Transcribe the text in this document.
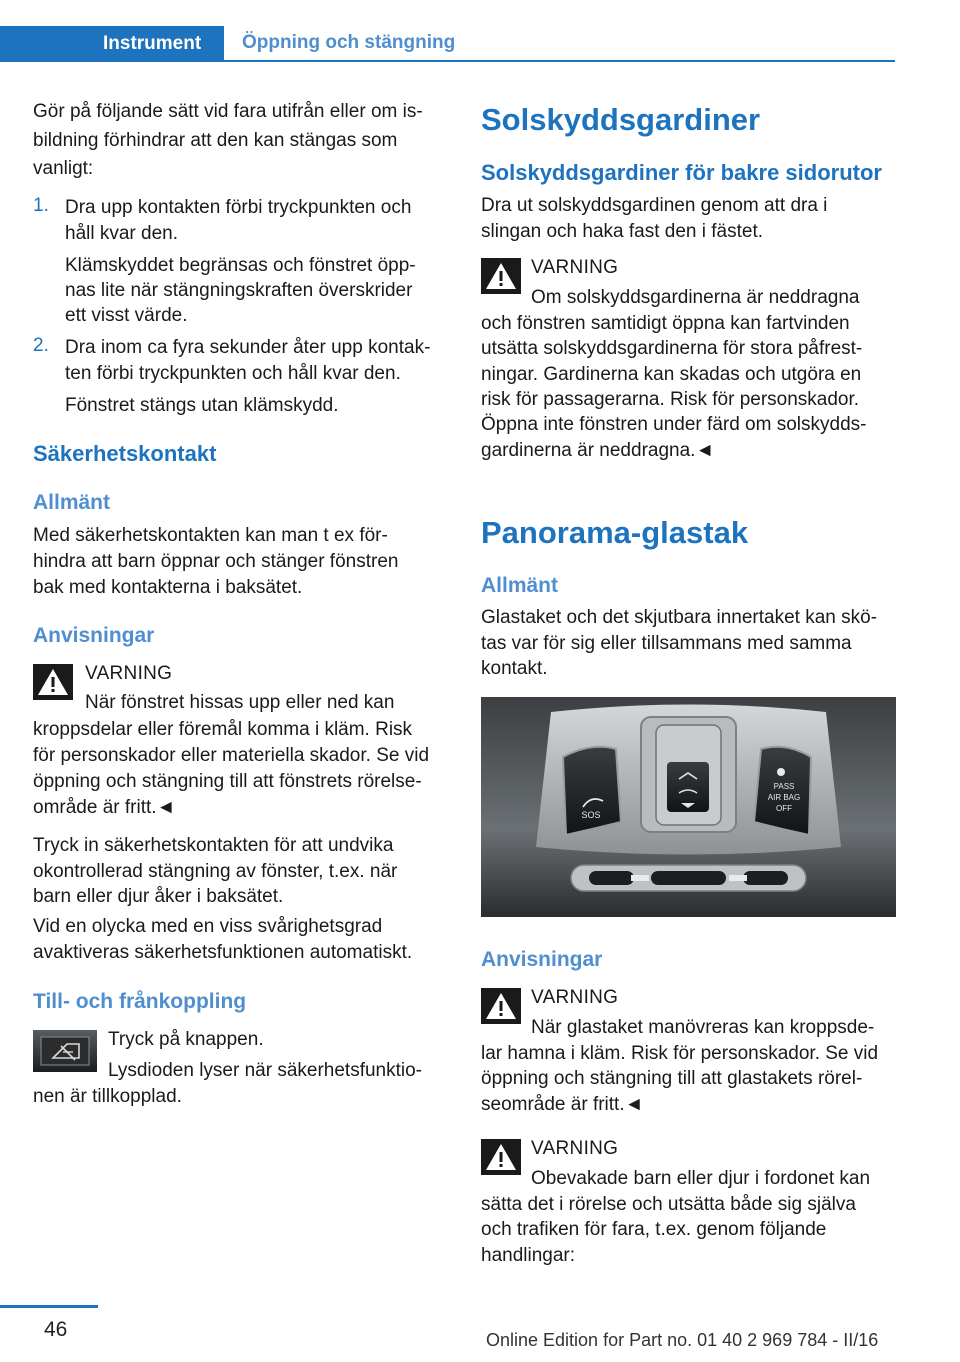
Instrument	Öppning och stängning

Gör på följande sätt vid fara utifrån eller om is-

bildning förhindrar att den kan stängas som

vanligt:

1. Dra upp kontakten förbi tryckpunkten och

håll kvar den.

Klämskyddet begränsas och fönstret öpp-

nas lite när stängningskraften överskrider

ett visst värde.

2. Dra inom ca fyra sekunder åter upp kontak-

ten förbi tryckpunkten och håll kvar den.

Fönstret stängs utan klämskydd.

Säkerhetskontakt
Allmänt

Med säkerhetskontakten kan man t ex för-

hindra att barn öppnar och stänger fönstren

bak med kontakterna i baksätet.

Anvisningar
VARNING

När fönstret hissas upp eller ned kan

kroppsdelar eller föremål komma i kläm. Risk

för personskador eller materiella skador. Se vid

öppning och stängning till att fönstrets rörelse-

område är fritt.◄

Tryck in säkerhetskontakten för att undvika

okontrollerad stängning av fönster, t.ex. när

barn eller djur åker i baksätet.

Vid en olycka med en viss svårighetsgrad

avaktiveras säkerhetsfunktionen automatiskt.

Till- och frånkoppling

Tryck på knappen.

Lysdioden lyser när säkerhetsfunktio-

nen är tillkopplad.

Solskyddsgardiner
Solskyddsgardiner för bakre sidorutor

Dra ut solskyddsgardinen genom att dra i

slingan och haka fast den i fästet.

VARNING

Om solskyddsgardinerna är neddragna

och fönstren samtidigt öppna kan fartvinden

utsätta solskyddsgardinerna för stora påfrest-

ningar. Gardinerna kan skadas och utgöra en

risk för passagerarna. Risk för personskador.

Öppna inte fönstren under färd om solskydds-

gardinerna är neddragna.◄

Panorama-glastak
Allmänt

Glastaket och det skjutbara innertaket kan skö-

tas var för sig eller tillsammans med samma

kontakt.

Anvisningar
VARNING

När glastaket manövreras kan kroppsde-

lar hamna i kläm. Risk för personskador. Se vid

öppning och stängning till att glastakets rörel-

seområde är fritt.◄

VARNING

Obevakade barn eller djur i fordonet kan

sätta det i rörelse och utsätta både sig själva

och trafiken för fara, t.ex. genom följande

handlingar:

SOS
PASS
AIR BAG
OFF
46	Online Edition for Part no. 01 40 2 969 784 - II/16
